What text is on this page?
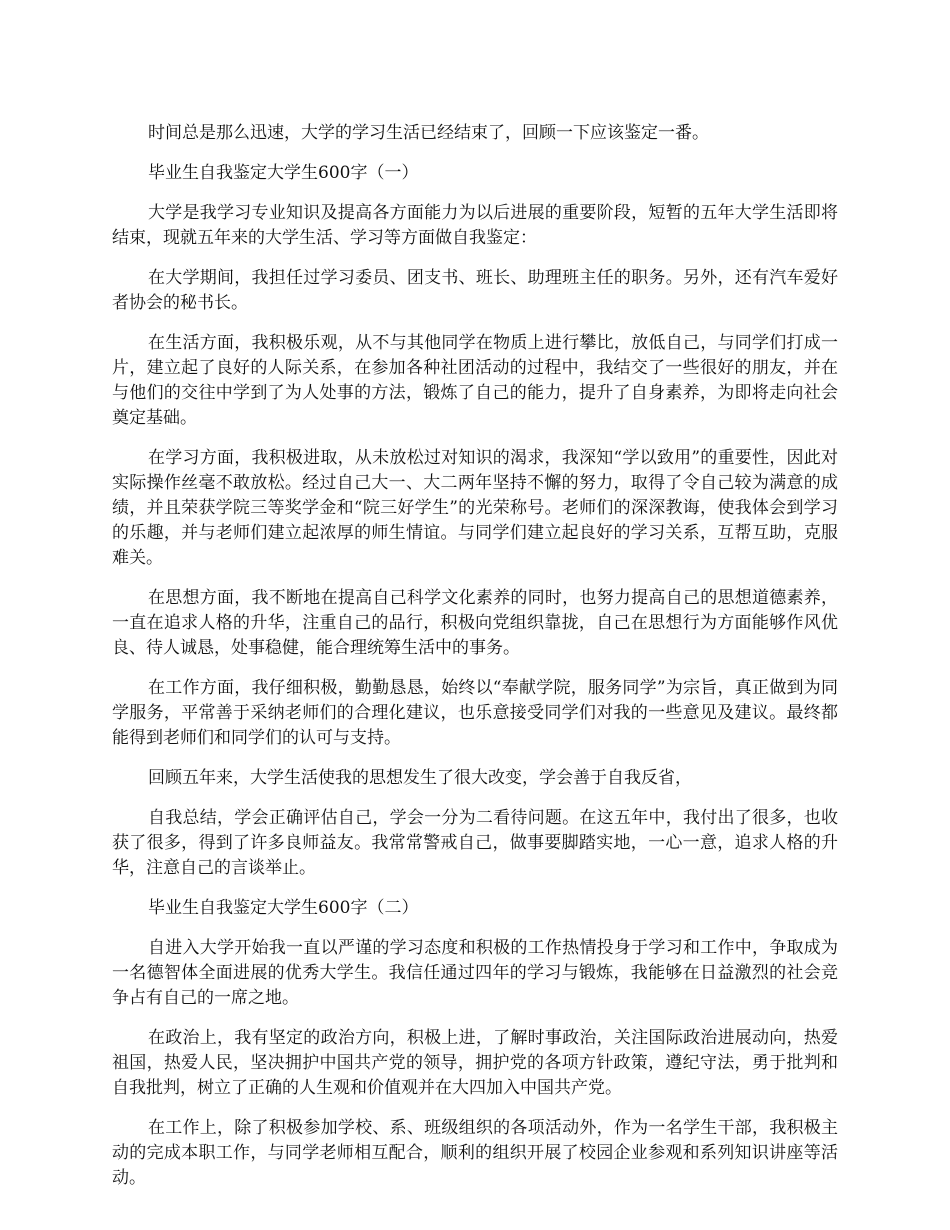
时间总是那么迅速，大学的学习生活已经结束了，回顾一下应该鉴定一番。

毕业生自我鉴定大学生600字（一）

大学是我学习专业知识及提高各方面能力为以后进展的重要阶段，短暂的五年大学生活即将结束，现就五年来的大学生活、学习等方面做自我鉴定：

在大学期间，我担任过学习委员、团支书、班长、助理班主任的职务。另外，还有汽车爱好者协会的秘书长。

在生活方面，我积极乐观，从不与其他同学在物质上进行攀比，放低自己，与同学们打成一片，建立起了良好的人际关系，在参加各种社团活动的过程中，我结交了一些很好的朋友，并在与他们的交往中学到了为人处事的方法，锻炼了自己的能力，提升了自身素养，为即将走向社会奠定基础。

在学习方面，我积极进取，从未放松过对知识的渴求，我深知“学以致用”的重要性，因此对实际操作丝毫不敢放松。经过自己大一、大二两年坚持不懈的努力，取得了令自己较为满意的成绩，并且荣获学院三等奖学金和“院三好学生”的光荣称号。老师们的深深教诲，使我体会到学习的乐趣，并与老师们建立起浓厚的师生情谊。与同学们建立起良好的学习关系，互帮互助，克服难关。

在思想方面，我不断地在提高自己科学文化素养的同时，也努力提高自己的思想道德素养，一直在追求人格的升华，注重自己的品行，积极向党组织靠拢，自己在思想行为方面能够作风优良、待人诚恳，处事稳健，能合理统筹生活中的事务。

在工作方面，我仔细积极，勤勤恳恳，始终以“奉献学院，服务同学”为宗旨，真正做到为同学服务，平常善于采纳老师们的合理化建议，也乐意接受同学们对我的一些意见及建议。最终都能得到老师们和同学们的认可与支持。

回顾五年来，大学生活使我的思想发生了很大改变，学会善于自我反省，

自我总结，学会正确评估自己，学会一分为二看待问题。在这五年中，我付出了很多，也收获了很多，得到了许多良师益友。我常常警戒自己，做事要脚踏实地，一心一意，追求人格的升华，注意自己的言谈举止。

毕业生自我鉴定大学生600字（二）

自进入大学开始我一直以严谨的学习态度和积极的工作热情投身于学习和工作中，争取成为一名德智体全面进展的优秀大学生。我信任通过四年的学习与锻炼，我能够在日益激烈的社会竞争占有自己的一席之地。

在政治上，我有坚定的政治方向，积极上进，了解时事政治，关注国际政治进展动向，热爱祖国，热爱人民，坚决拥护中国共产党的领导，拥护党的各项方针政策，遵纪守法，勇于批判和自我批判，树立了正确的人生观和价值观并在大四加入中国共产党。

在工作上，除了积极参加学校、系、班级组织的各项活动外，作为一名学生干部，我积极主动的完成本职工作，与同学老师相互配合，顺利的组织开展了校园企业参观和系列知识讲座等活动。
